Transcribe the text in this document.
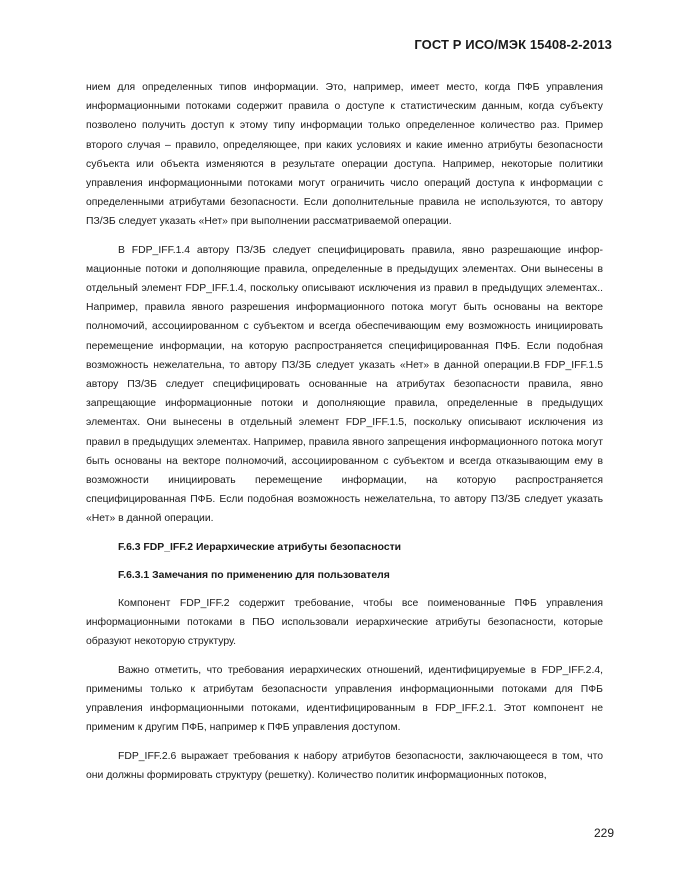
ГОСТ Р ИСО/МЭК 15408-2-2013

нием для определенных типов информации. Это, например, имеет место, когда ПФБ управления информационными потоками содержит правила о доступе к статистическим данным, когда субъекту позволено получить доступ к этому типу информации только определенное количество раз. Пример второго случая – правило, определяющее, при каких условиях и какие именно атрибуты безопасности субъекта или объекта изменяются в результате операции доступа. Например, некоторые политики управления информационными потоками могут ограничить число операций доступа к информации с определенными атрибутами безопасности. Если дополнительные правила не используются, то автору ПЗ/ЗБ следует указать «Нет» при выполнении рассматриваемой операции.

В FDP_IFF.1.4 автору ПЗ/ЗБ следует специфицировать правила, явно разрешающие информационные потоки и дополняющие правила, определенные в предыдущих элементах. Они вынесены в отдельный элемент FDP_IFF.1.4, поскольку описывают исключения из правил в предыдущих элементах.. Например, правила явного разрешения информационного потока могут быть основаны на векторе полномочий, ассоциированном с субъектом и всегда обеспечивающим ему возможность инициировать перемещение информации, на которую распространяется специфицированная ПФБ. Если подобная возможность нежелательна, то автору ПЗ/ЗБ следует указать «Нет» в данной операции.В FDP_IFF.1.5 автору ПЗ/ЗБ следует специфицировать основанные на атрибутах безопасности правила, явно запрещающие информационные потоки и дополняющие правила, определенные в предыдущих элементах. Они вынесены в отдельный элемент FDP_IFF.1.5, поскольку описывают исключения из правил в предыдущих элементах. Например, правила явного запрещения информационного потока могут быть основаны на векторе полномочий, ассоциированном с субъектом и всегда отказывающим ему в возможности инициировать перемещение информации, на которую распространяется специфицированная ПФБ. Если подобная возможность нежелательна, то автору ПЗ/ЗБ следует указать «Нет» в данной операции.

F.6.3 FDP_IFF.2 Иерархические атрибуты безопасности

F.6.3.1 Замечания по применению для пользователя

Компонент FDP_IFF.2 содержит требование, чтобы все поименованные ПФБ управления информационными потоками в ПБО использовали иерархические атрибуты безопасности, которые образуют некоторую структуру.

Важно отметить, что требования иерархических отношений, идентифицируемые в FDP_IFF.2.4, применимы только к атрибутам безопасности управления информационными потоками для ПФБ управления информационными потоками, идентифицированным в FDP_IFF.2.1. Этот компонент не применим к другим ПФБ, например к ПФБ управления доступом.

FDP_IFF.2.6 выражает требования к набору атрибутов безопасности, заключающееся в том, что они должны формировать структуру (решетку). Количество политик информационных потоков,

229
